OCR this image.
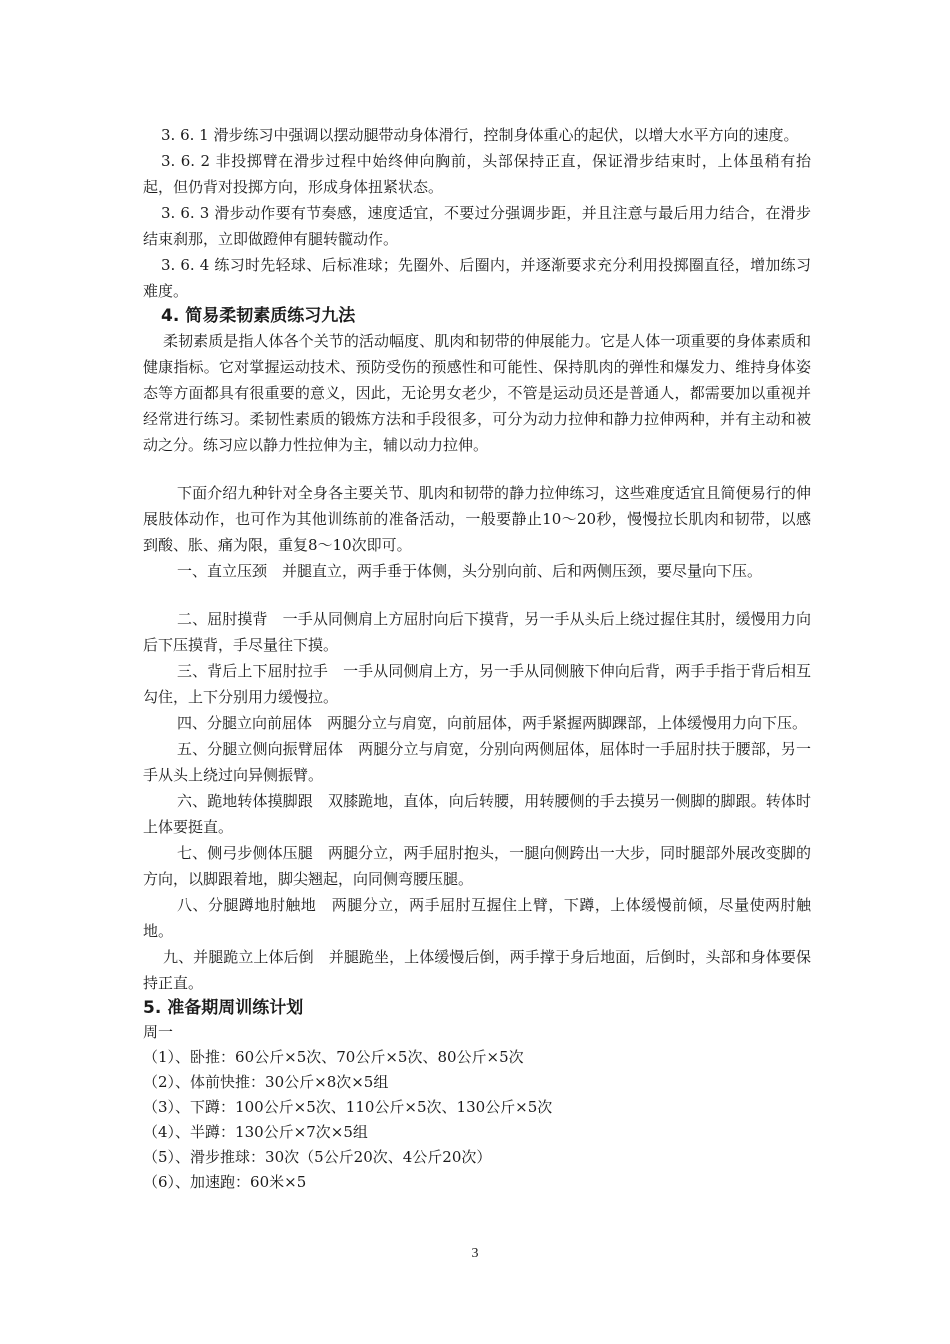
3. 6. 1 滑步练习中强调以摆动腿带动身体滑行，控制身体重心的起伏，以增大水平方向的速度。

3. 6. 2 非投掷臂在滑步过程中始终伸向胸前，头部保持正直，保证滑步结束时，上体虽稍有抬起，但仍背对投掷方向，形成身体扭紧状态。

3. 6. 3 滑步动作要有节奏感，速度适宜，不要过分强调步距，并且注意与最后用力结合，在滑步结束刹那，立即做蹬伸有腿转髋动作。

3. 6. 4 练习时先轻球、后标准球；先圈外、后圈内，并逐渐要求充分利用投掷圈直径，增加练习难度。

4. 简易柔韧素质练习九法

柔韧素质是指人体各个关节的活动幅度、肌肉和韧带的伸展能力。它是人体一项重要的身体素质和健康指标。它对掌握运动技术、预防受伤的预感性和可能性、保持肌肉的弹性和爆发力、维持身体姿态等方面都具有很重要的意义，因此，无论男女老少，不管是运动员还是普通人，都需要加以重视并经常进行练习。柔韧性素质的锻炼方法和手段很多，可分为动力拉伸和静力拉伸两种，并有主动和被动之分。练习应以静力性拉伸为主，辅以动力拉伸。

下面介绍九种针对全身各主要关节、肌肉和韧带的静力拉伸练习，这些难度适宜且简便易行的伸展肢体动作，也可作为其他训练前的准备活动，一般要静止10～20秒，慢慢拉长肌肉和韧带，以感到酸、胀、痛为限，重复8～10次即可。

一、直立压颈　并腿直立，两手垂于体侧，头分别向前、后和两侧压颈，要尽量向下压。

二、屈肘摸背　一手从同侧肩上方屈肘向后下摸背，另一手从头后上绕过握住其肘，缓慢用力向后下压摸背，手尽量往下摸。

三、背后上下屈肘拉手　一手从同侧肩上方，另一手从同侧腋下伸向后背，两手手指于背后相互勾住，上下分别用力缓慢拉。

四、分腿立向前屈体　两腿分立与肩宽，向前屈体，两手紧握两脚踝部，上体缓慢用力向下压。

五、分腿立侧向振臂屈体　两腿分立与肩宽，分别向两侧屈体，屈体时一手屈肘扶于腰部，另一手从头上绕过向异侧振臂。

六、跪地转体摸脚跟　双膝跪地，直体，向后转腰，用转腰侧的手去摸另一侧脚的脚跟。转体时上体要挺直。

七、侧弓步侧体压腿　两腿分立，两手屈肘抱头，一腿向侧跨出一大步，同时腿部外展改变脚的方向，以脚跟着地，脚尖翘起，向同侧弯腰压腿。

八、分腿蹲地肘触地　两腿分立，两手屈肘互握住上臂，下蹲，上体缓慢前倾，尽量使两肘触地。

九、并腿跪立上体后倒　并腿跪坐，上体缓慢后倒，两手撑于身后地面，后倒时，头部和身体要保持正直。

5. 准备期周训练计划

周一

（1）、卧推：60公斤×5次、70公斤×5次、80公斤×5次

（2）、体前快推：30公斤×8次×5组

（3）、下蹲：100公斤×5次、110公斤×5次、130公斤×5次

（4）、半蹲：130公斤×7次×5组

（5）、滑步推球：30次（5公斤20次、4公斤20次）

（6）、加速跑：60米×5

3
